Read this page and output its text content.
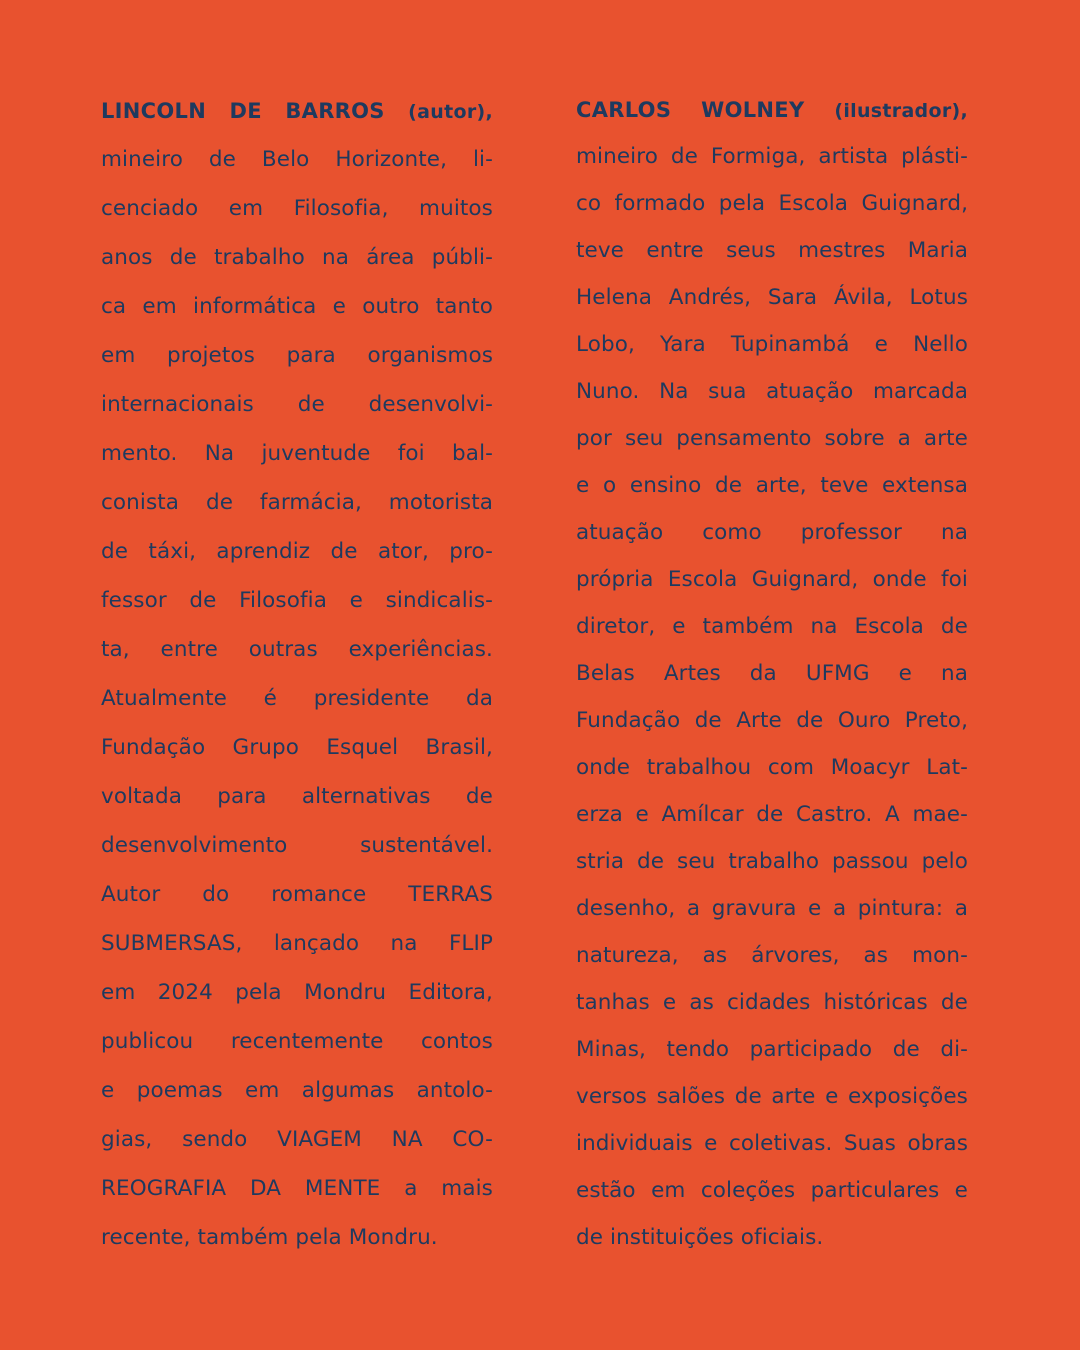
LINCOLN DE BARROS (autor),
mineiro de Belo Horizonte, li-
cenciado em Filosofia, muitos
anos de trabalho na área públi-
ca em informática e outro tanto
em projetos para organismos
internacionais de desenvolvi-
mento. Na juventude foi bal-
conista de farmácia, motorista
de táxi, aprendiz de ator, pro-
fessor de Filosofia e sindicalis-
ta, entre outras experiências.
Atualmente é presidente da
Fundação Grupo Esquel Brasil,
voltada para alternativas de
desenvolvimento sustentável.
Autor do romance TERRAS
SUBMERSAS, lançado na FLIP
em 2024 pela Mondru Editora,
publicou recentemente contos
e poemas em algumas antolo-
gias, sendo VIAGEM NA CO-
REOGRAFIA DA MENTE a mais
recente, também pela Mondru.
CARLOS WOLNEY (ilustrador),
mineiro de Formiga, artista plásti-
co formado pela Escola Guignard,
teve entre seus mestres Maria
Helena Andrés, Sara Ávila, Lotus
Lobo, Yara Tupinambá e Nello
Nuno. Na sua atuação marcada
por seu pensamento sobre a arte
e o ensino de arte, teve extensa
atuação como professor na
própria Escola Guignard, onde foi
diretor, e também na Escola de
Belas Artes da UFMG e na
Fundação de Arte de Ouro Preto,
onde trabalhou com Moacyr Lat-
erza e Amílcar de Castro. A mae-
stria de seu trabalho passou pelo
desenho, a gravura e a pintura: a
natureza, as árvores, as mon-
tanhas e as cidades históricas de
Minas, tendo participado de di-
versos salões de arte e exposições
individuais e coletivas. Suas obras
estão em coleções particulares e
de instituições oficiais.
